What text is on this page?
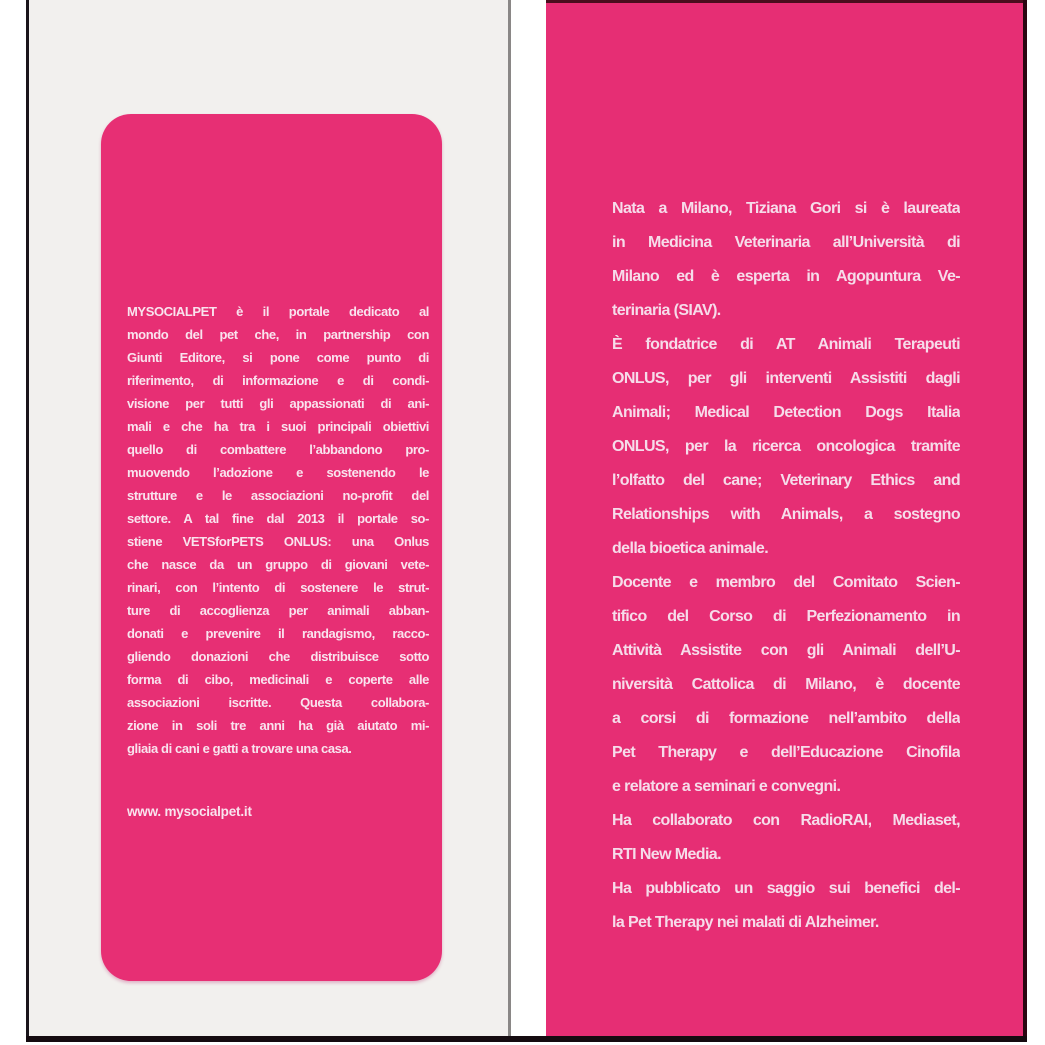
MYSOCIALPET è il portale dedicato al
mondo del pet che, in partnership con
Giunti Editore, si pone come punto di
riferimento, di informazione e di condi-
visione per tutti gli appassionati di ani-
mali e che ha tra i suoi principali obiettivi
quello di combattere l’abbandono pro-
muovendo l’adozione e sostenendo le
strutture e le associazioni no-profit del
settore. A tal fine dal 2013 il portale so-
stiene VETSforPETS ONLUS: una Onlus
che nasce da un gruppo di giovani vete-
rinari, con l’intento di sostenere le strut-
ture di accoglienza per animali abban-
donati e prevenire il randagismo, racco-
gliendo donazioni che distribuisce sotto
forma di cibo, medicinali e coperte alle
associazioni iscritte. Questa collabora-
zione in soli tre anni ha già aiutato mi-
gliaia di cani e gatti a trovare una casa.
www. mysocialpet.it
Nata a Milano, Tiziana Gori si è laureata
in Medicina Veterinaria all’Università di
Milano ed è esperta in Agopuntura Ve-
terinaria (SIAV).
È fondatrice di AT Animali Terapeuti
ONLUS, per gli interventi Assistiti dagli
Animali; Medical Detection Dogs Italia
ONLUS, per la ricerca oncologica tramite
l’olfatto del cane; Veterinary Ethics and
Relationships with Animals, a sostegno
della bioetica animale.
Docente e membro del Comitato Scien-
tifico del Corso di Perfezionamento in
Attività Assistite con gli Animali dell’U-
niversità Cattolica di Milano, è docente
a corsi di formazione nell’ambito della
Pet Therapy e dell’Educazione Cinofila
e relatore a seminari e convegni.
Ha collaborato con RadioRAI, Mediaset,
RTI New Media.
Ha pubblicato un saggio sui benefici del-
la Pet Therapy nei malati di Alzheimer.
